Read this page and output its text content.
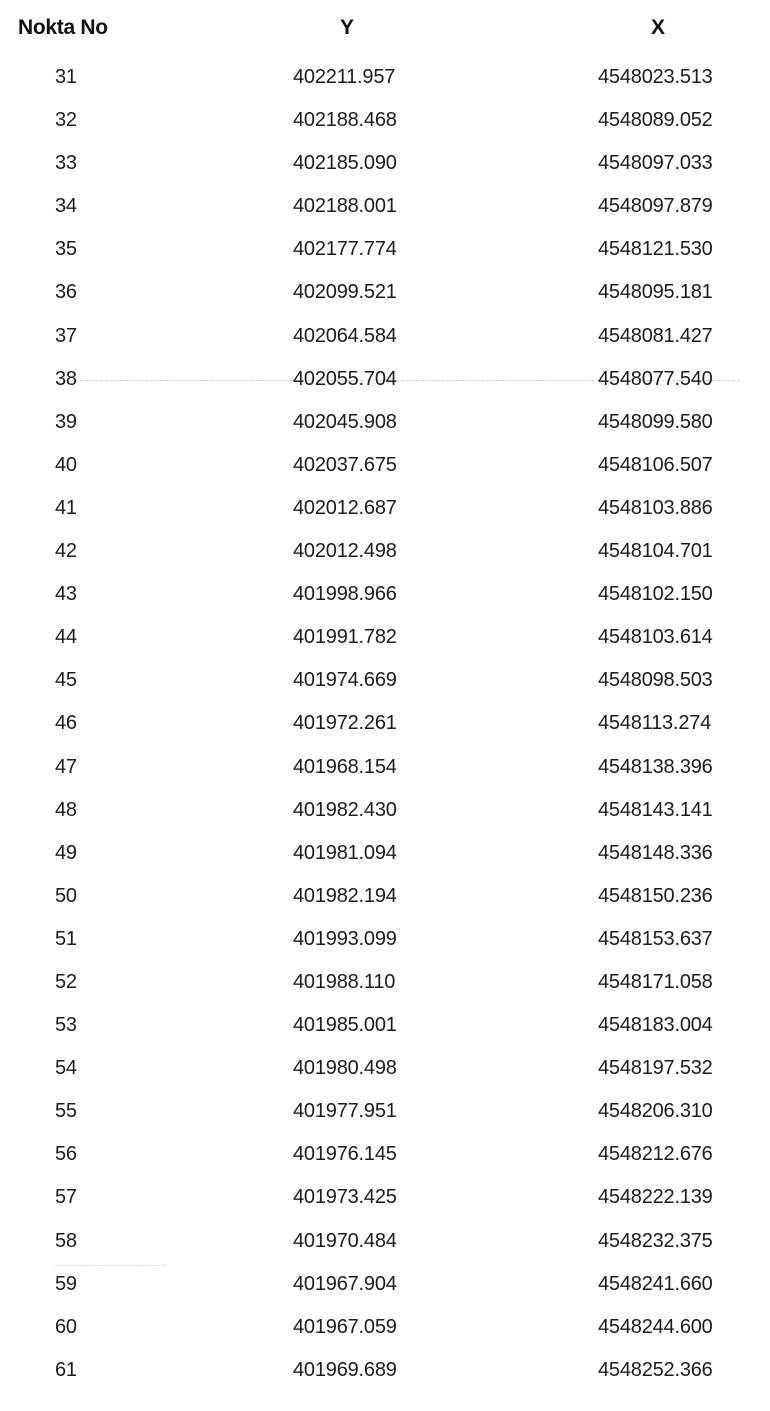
Nokta No	Y	X
31	402211.957	4548023.513
32	402188.468	4548089.052
33	402185.090	4548097.033
34	402188.001	4548097.879
35	402177.774	4548121.530
36	402099.521	4548095.181
37	402064.584	4548081.427
38	402055.704	4548077.540
39	402045.908	4548099.580
40	402037.675	4548106.507
41	402012.687	4548103.886
42	402012.498	4548104.701
43	401998.966	4548102.150
44	401991.782	4548103.614
45	401974.669	4548098.503
46	401972.261	4548113.274
47	401968.154	4548138.396
48	401982.430	4548143.141
49	401981.094	4548148.336
50	401982.194	4548150.236
51	401993.099	4548153.637
52	401988.110	4548171.058
53	401985.001	4548183.004
54	401980.498	4548197.532
55	401977.951	4548206.310
56	401976.145	4548212.676
57	401973.425	4548222.139
58	401970.484	4548232.375
59	401967.904	4548241.660
60	401967.059	4548244.600
61	401969.689	4548252.366
